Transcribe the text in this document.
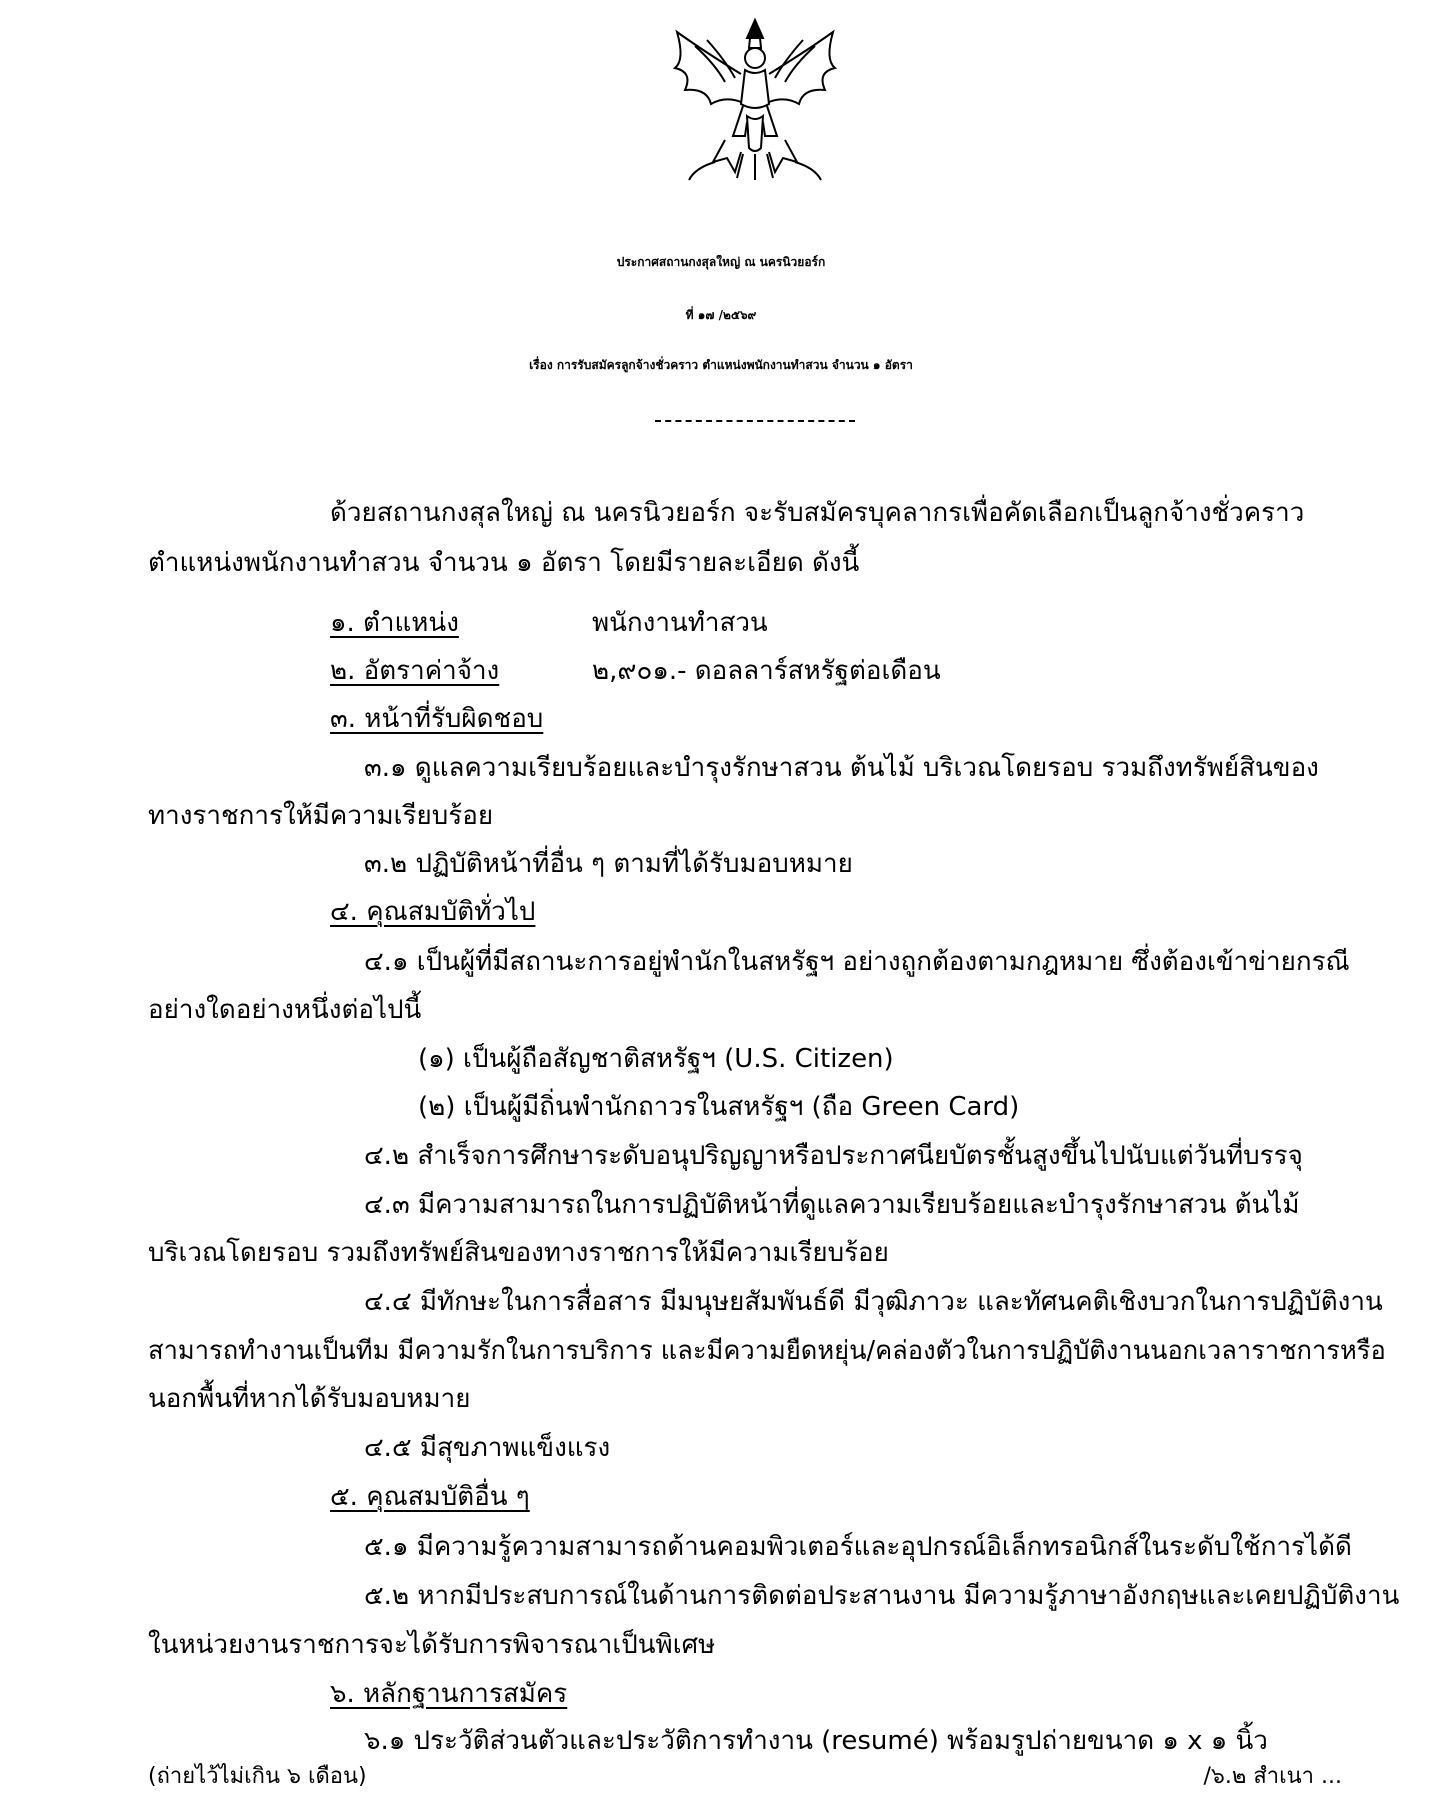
ประกาศสถานกงสุลใหญ่ ณ นครนิวยอร์ก
ที่ ๑๗ /๒๕๖๙
เรื่อง การรับสมัครลูกจ้างชั่วคราว ตำแหน่งพนักงานทำสวน จำนวน ๑ อัตรา
ด้วยสถานกงสุลใหญ่ ณ นครนิวยอร์ก จะรับสมัครบุคลากรเพื่อคัดเลือกเป็นลูกจ้างชั่วคราว
ตำแหน่งพนักงานทำสวน จำนวน ๑ อัตรา โดยมีรายละเอียด ดังนี้
๑. ตำแหน่ง	พนักงานทำสวน
๒. อัตราค่าจ้าง	๒,๙๐๑.- ดอลลาร์สหรัฐต่อเดือน
๓. หน้าที่รับผิดชอบ
๓.๑ ดูแลความเรียบร้อยและบำรุงรักษาสวน ต้นไม้ บริเวณโดยรอบ รวมถึงทรัพย์สินของ
ทางราชการให้มีความเรียบร้อย
๓.๒ ปฏิบัติหน้าที่อื่น ๆ ตามที่ได้รับมอบหมาย
๔. คุณสมบัติทั่วไป
๔.๑ เป็นผู้ที่มีสถานะการอยู่พำนักในสหรัฐฯ อย่างถูกต้องตามกฎหมาย ซึ่งต้องเข้าข่ายกรณี
อย่างใดอย่างหนึ่งต่อไปนี้
(๑) เป็นผู้ถือสัญชาติสหรัฐฯ (U.S. Citizen)
(๒) เป็นผู้มีถิ่นพำนักถาวรในสหรัฐฯ (ถือ Green Card)
๔.๒ สำเร็จการศึกษาระดับอนุปริญญาหรือประกาศนียบัตรชั้นสูงขึ้นไปนับแต่วันที่บรรจุ
๔.๓ มีความสามารถในการปฏิบัติหน้าที่ดูแลความเรียบร้อยและบำรุงรักษาสวน ต้นไม้
บริเวณโดยรอบ รวมถึงทรัพย์สินของทางราชการให้มีความเรียบร้อย
๔.๔ มีทักษะในการสื่อสาร มีมนุษยสัมพันธ์ดี มีวุฒิภาวะ และทัศนคติเชิงบวกในการปฏิบัติงาน
สามารถทำงานเป็นทีม มีความรักในการบริการ และมีความยืดหยุ่น/คล่องตัวในการปฏิบัติงานนอกเวลาราชการหรือ
นอกพื้นที่หากได้รับมอบหมาย
๔.๕ มีสุขภาพแข็งแรง
๕. คุณสมบัติอื่น ๆ
๕.๑ มีความรู้ความสามารถด้านคอมพิวเตอร์และอุปกรณ์อิเล็กทรอนิกส์ในระดับใช้การได้ดี
๕.๒ หากมีประสบการณ์ในด้านการติดต่อประสานงาน มีความรู้ภาษาอังกฤษและเคยปฏิบัติงาน
ในหน่วยงานราชการจะได้รับการพิจารณาเป็นพิเศษ
๖. หลักฐานการสมัคร
๖.๑ ประวัติส่วนตัวและประวัติการทำงาน (resumé) พร้อมรูปถ่ายขนาด ๑ x ๑ นิ้ว
(ถ่ายไว้ไม่เกิน ๖ เดือน)	/๖.๒ สำเนา ...
